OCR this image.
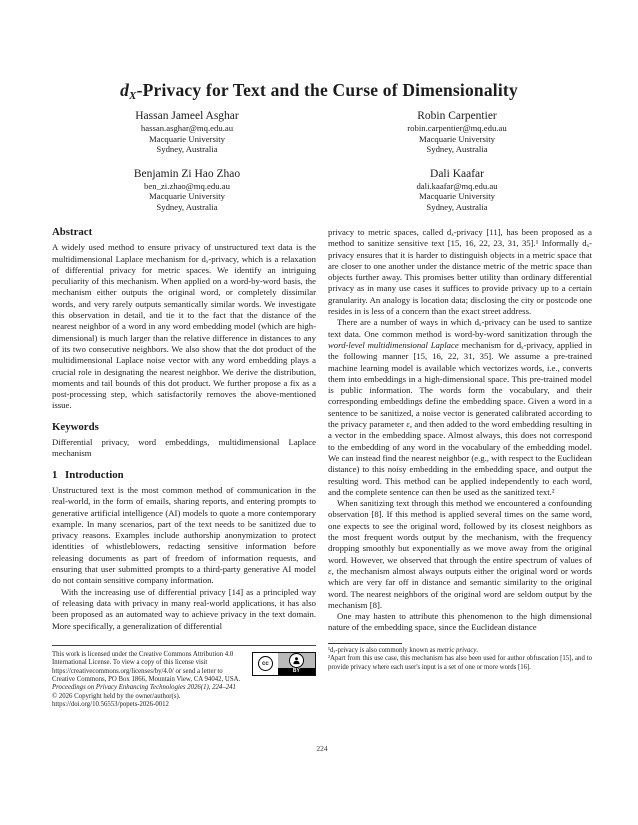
dX-Privacy for Text and the Curse of Dimensionality
Hassan Jameel Asghar
hassan.asghar@mq.edu.au
Macquarie University
Sydney, Australia
Robin Carpentier
robin.carpentier@mq.edu.au
Macquarie University
Sydney, Australia
Benjamin Zi Hao Zhao
ben_zi.zhao@mq.edu.au
Macquarie University
Sydney, Australia
Dali Kaafar
dali.kaafar@mq.edu.au
Macquarie University
Sydney, Australia
Abstract

A widely used method to ensure privacy of unstructured text data is the multidimensional Laplace mechanism for dₓ-privacy, which is a relaxation of differential privacy for metric spaces. We identify an intriguing peculiarity of this mechanism. When applied on a word-by-word basis, the mechanism either outputs the original word, or completely dissimilar words, and very rarely outputs semantically similar words. We investigate this observation in detail, and tie it to the fact that the distance of the nearest neighbor of a word in any word embedding model (which are high-dimensional) is much larger than the relative difference in distances to any of its two consecutive neighbors. We also show that the dot product of the multidimensional Laplace noise vector with any word embedding plays a crucial role in designating the nearest neighbor. We derive the distribution, moments and tail bounds of this dot product. We further propose a fix as a post-processing step, which satisfactorily removes the above-mentioned issue.

Keywords

Differential privacy, word embeddings, multidimensional Laplace mechanism

1 Introduction

Unstructured text is the most common method of communication in the real-world, in the form of emails, sharing reports, and entering prompts to generative artificial intelligence (AI) models to quote a more contemporary example. In many scenarios, part of the text needs to be sanitized due to privacy reasons. Examples include authorship anonymization to protect identities of whistleblowers, redacting sensitive information before releasing documents as part of freedom of information requests, and ensuring that user submitted prompts to a third-party generative AI model do not contain sensitive company information.

With the increasing use of differential privacy [14] as a principled way of releasing data with privacy in many real-world applications, it has also been proposed as an automated way to achieve privacy in the text domain. More specifically, a generalization of differential

cc
BY

This work is licensed under the Creative Commons Attribution 4.0 International License. To view a copy of this license visit https://creativecommons.org/licenses/by/4.0/ or send a letter to Creative Commons, PO Box 1866, Mountain View, CA 94042, USA.

Proceedings on Privacy Enhancing Technologies 2026(1), 224–241

© 2026 Copyright held by the owner/author(s).

https://doi.org/10.56553/popets-2026-0012

privacy to metric spaces, called dₓ-privacy [11], has been proposed as a method to sanitize sensitive text [15, 16, 22, 23, 31, 35].¹ Informally dₓ-privacy ensures that it is harder to distinguish objects in a metric space that are closer to one another under the distance metric of the metric space than objects further away. This promises better utility than ordinary differential privacy as in many use cases it suffices to provide privacy up to a certain granularity. An analogy is location data; disclosing the city or postcode one resides in is less of a concern than the exact street address.

There are a number of ways in which dₓ-privacy can be used to santize text data. One common method is word-by-word sanitization through the word-level multidimensional Laplace mechanism for dₓ-privacy, applied in the following manner [15, 16, 22, 31, 35]. We assume a pre-trained machine learning model is available which vectorizes words, i.e., converts them into embeddings in a high-dimensional space. This pre-trained model is public information. The words form the vocabulary, and their corresponding embeddings define the embedding space. Given a word in a sentence to be sanitized, a noise vector is generated calibrated according to the privacy parameter ε, and then added to the word embedding resulting in a vector in the embedding space. Almost always, this does not correspond to the embedding of any word in the vocabulary of the embedding model. We can instead find the nearest neighbor (e.g., with respect to the Euclidean distance) to this noisy embedding in the embedding space, and output the resulting word. This method can be applied independently to each word, and the complete sentence can then be used as the sanitized text.²

When sanitizing text through this method we encountered a confounding observation [8]. If this method is applied several times on the same word, one expects to see the original word, followed by its closest neighbors as the most frequent words output by the mechanism, with the frequency dropping smoothly but exponentially as we move away from the original word. However, we observed that through the entire spectrum of values of ε, the mechanism almost always outputs either the original word or words which are very far off in distance and semantic similarity to the original word. The nearest neighbors of the original word are seldom output by the mechanism [8].

One may hasten to attribute this phenomenon to the high dimensional nature of the embedding space, since the Euclidean distance

¹dₓ-privacy is also commonly known as metric privacy.

²Apart from this use case, this mechanism has also been used for author obfuscation [15], and to provide privacy where each user's input is a set of one or more words [16].

224
